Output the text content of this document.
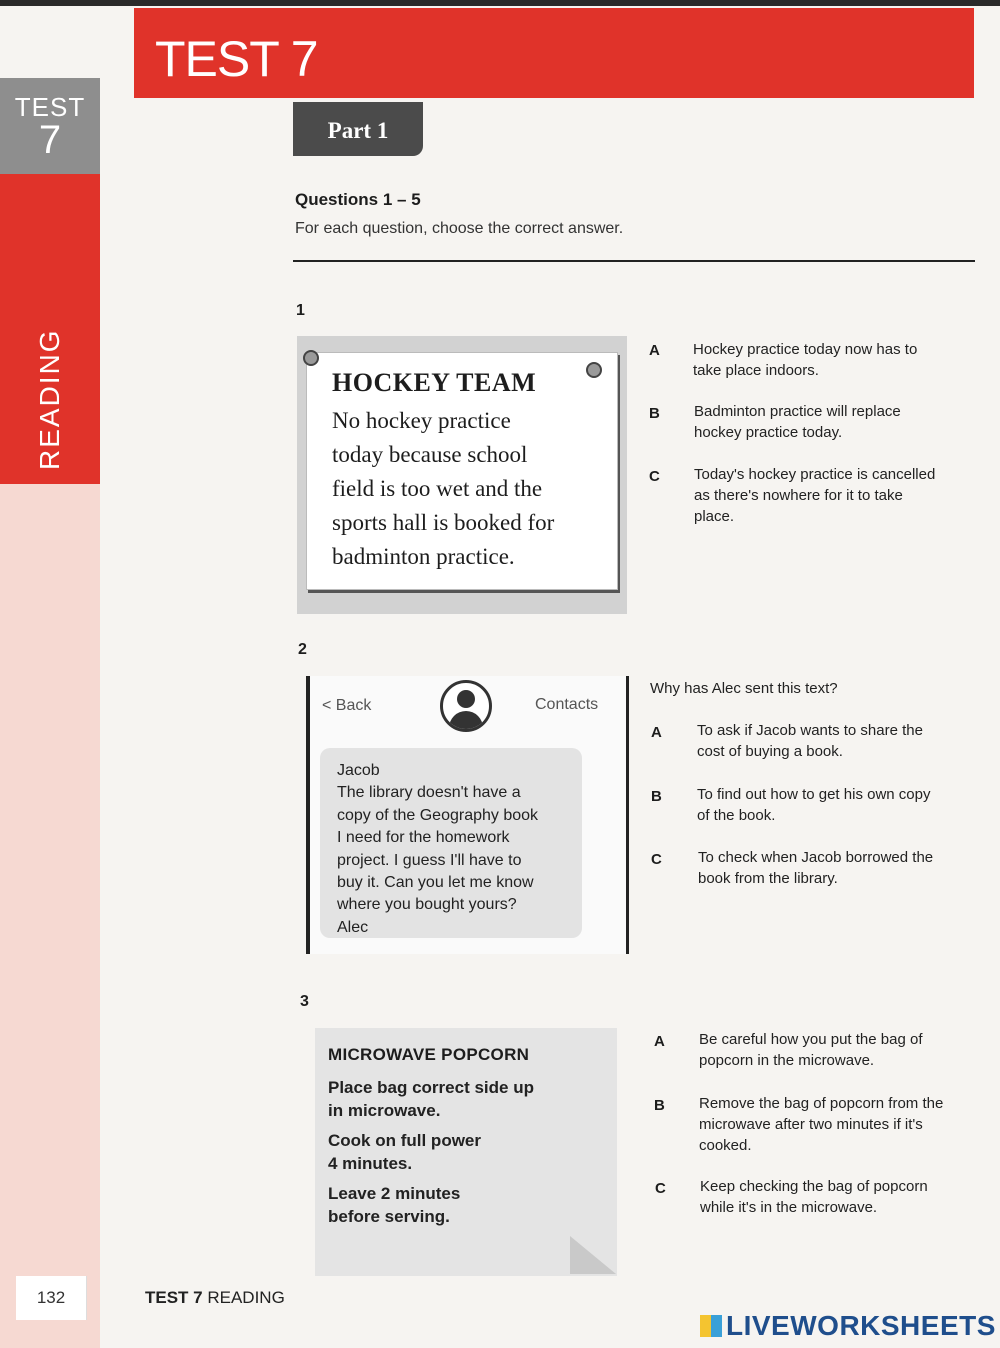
TEST
7
READING
TEST 7
Part 1
Questions 1 – 5
For each question, choose the correct answer.
1
HOCKEY TEAM
No hockey practice
today because school
field is too wet and the
sports hall is booked for
badminton practice.
A Hockey practice today now has to
take place indoors.
B Badminton practice will replace
hockey practice today.
C Today's hockey practice is cancelled
as there's nowhere for it to take
place.
2
< Back	Contacts
Jacob
The library doesn't have a
copy of the Geography book
I need for the homework
project. I guess I'll have to
buy it. Can you let me know
where you bought yours?
Alec
Why has Alec sent this text?
A To ask if Jacob wants to share the
cost of buying a book.
B To find out how to get his own copy
of the book.
C To check when Jacob borrowed the
book from the library.
3
MICROWAVE POPCORN
Place bag correct side up
in microwave.
Cook on full power
4 minutes.
Leave 2 minutes
before serving.
A Be careful how you put the bag of
popcorn in the microwave.
B Remove the bag of popcorn from the
microwave after two minutes if it's
cooked.
C Keep checking the bag of popcorn
while it's in the microwave.
132	TEST 7 READING
LIVEWORKSHEETS
